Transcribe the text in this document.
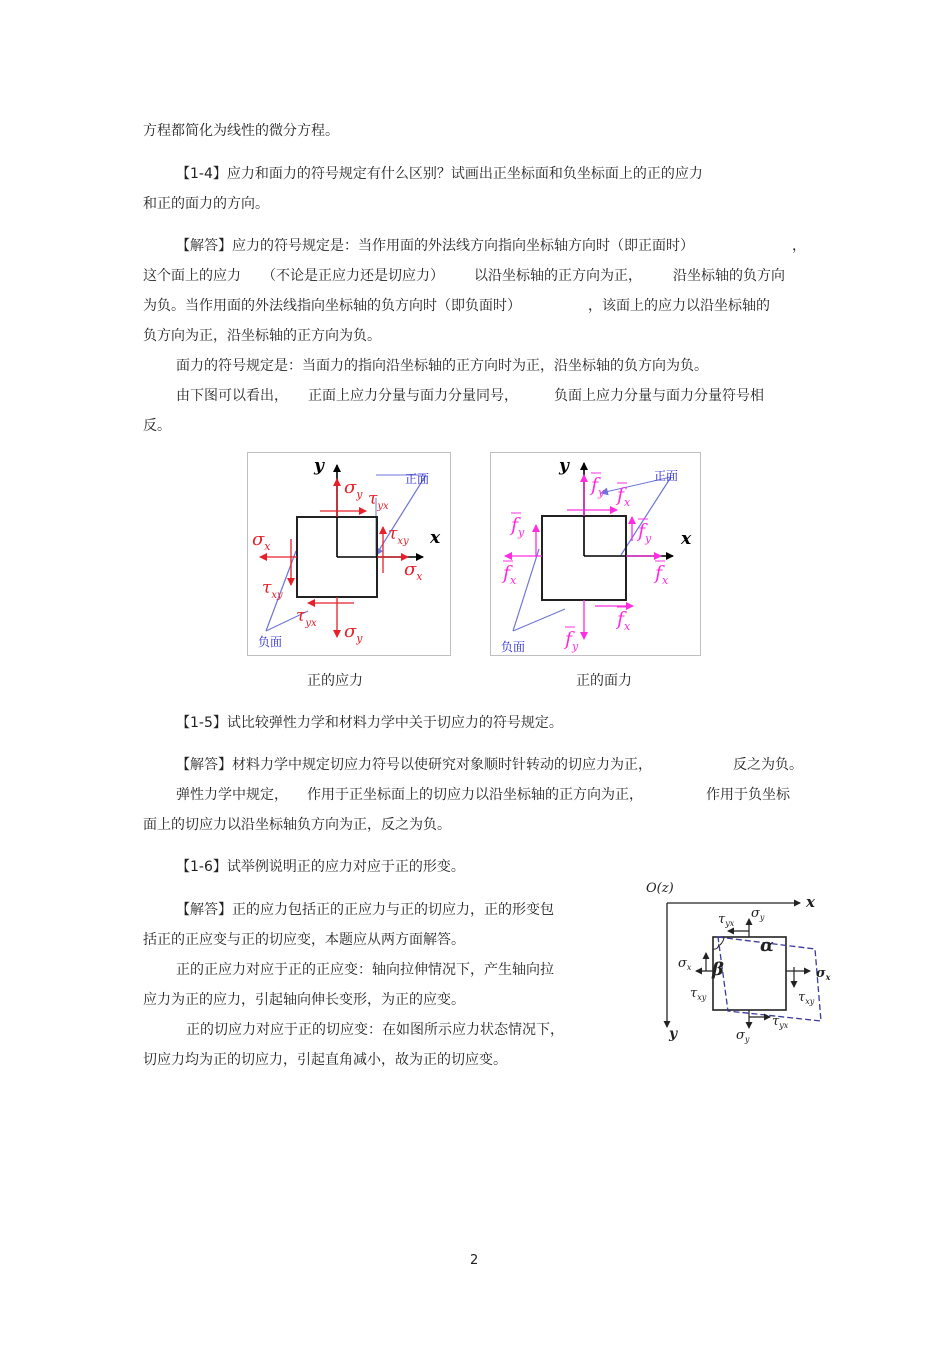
方程都简化为线性的微分方程。
【1-4】应力和面力的符号规定有什么区别？试画出正坐标面和负坐标面上的正的应力
和正的面力的方向。
【解答】应力的符号规定是：当作用面的外法线方向指向坐标轴方向时（即正面时）	，
这个面上的应力 （不论是正应力还是切应力） 以沿坐标轴的正方向为正， 沿坐标轴的负方向
为负。当作用面的外法线指向坐标轴的负方向时（即负面时）	，该面上的应力以沿坐标轴的
负方向为正，沿坐标轴的正方向为负。
面力的符号规定是：当面力的指向沿坐标轴的正方向时为正，沿坐标轴的负方向为负。
由下图可以看出， 正面上应力分量与面力分量同号，	负面上应力分量与面力分量符号相
反。
y
x
正面
负面
$\sigma_y$ $\tau_{yx}$
$\tau_{xy}$
$\sigma_x$
$\sigma_x$
$\tau_{xy}$
$\tau_{yx}$ $\sigma_y$
y
x
正面
负面
$f_y$ $f_x$
$f_y$
$f_y$
$f_x$	$f_x$
$f_x$
$f_y$
正的应力	正的面力
【1-5】试比较弹性力学和材料力学中关于切应力的符号规定。
【解答】材料力学中规定切应力符号以使研究对象顺时针转动的切应力为正，	反之为负。
弹性力学中规定， 作用于正坐标面上的切应力以沿坐标轴的正方向为正，	作用于负坐标
面上的切应力以沿坐标轴负方向为正，反之为负。
【1-6】试举例说明正的应力对应于正的形变。
【解答】正的应力包括正的正应力与正的切应力，正的形变包
括正的正应变与正的切应变，本题应从两方面解答。
正的正应力对应于正的正应变：轴向拉伸情况下，产生轴向拉
应力为正的应力，引起轴向伸长变形，为正的应变。
正的切应力对应于正的切应变：在如图所示应力状态情况下，
切应力均为正的切应力，引起直角减小，故为正的切应变。
O(z)
x
y
$\tau_{yx}$
$\sigma_y$
α
β
$\sigma_x$
$\tau_{xy}$
$\sigma_x$
$\tau_{xy}$
$\tau_{yx}$
$\sigma_y$
2
